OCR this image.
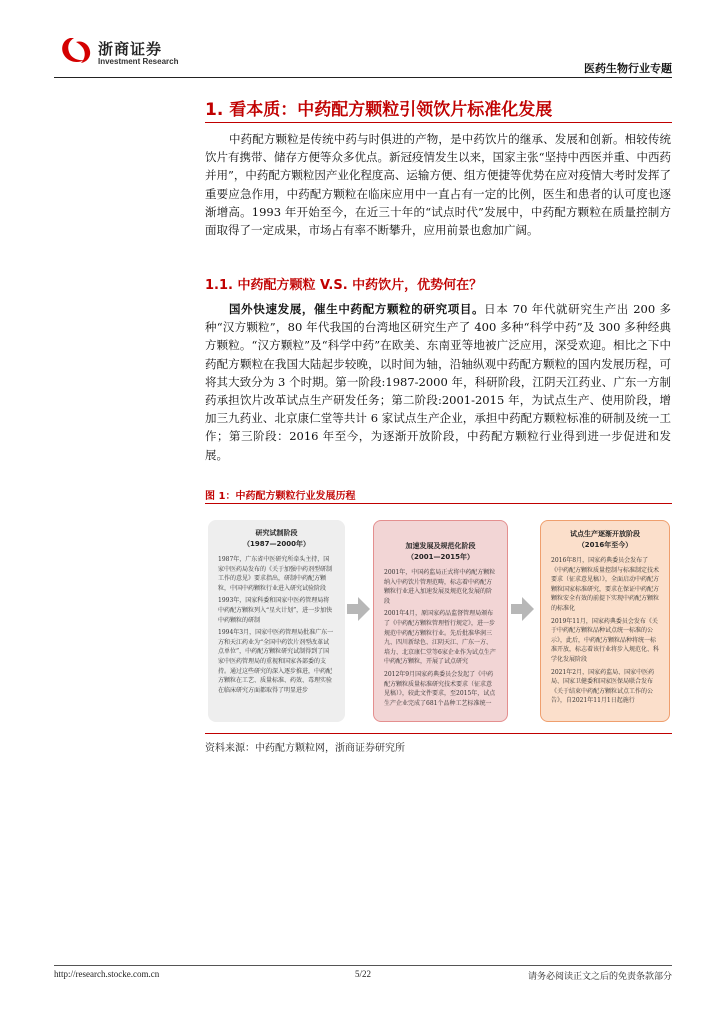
浙商证券
Investment Research
医药生物行业专题
1. 看本质：中药配方颗粒引领饮片标准化发展
中药配方颗粒是传统中药与时俱进的产物，是中药饮片的继承、发展和创新。相较传统饮片有携带、储存方便等众多优点。新冠疫情发生以来，国家主张“坚持中西医并重、中西药并用”，中药配方颗粒因产业化程度高、运输方便、组方便捷等优势在应对疫情大考时发挥了重要应急作用，中药配方颗粒在临床应用中一直占有一定的比例，医生和患者的认可度也逐渐增高。1993 年开始至今，在近三十年的“试点时代”发展中，中药配方颗粒在质量控制方面取得了一定成果，市场占有率不断攀升，应用前景也愈加广阔。
1.1. 中药配方颗粒 V.S. 中药饮片，优势何在？
国外快速发展，催生中药配方颗粒的研究项目。日本 70 年代就研究生产出 200 多种“汉方颗粒”，80 年代我国的台湾地区研究生产了 400 多种“科学中药”及 300 多种经典方颗粒。“汉方颗粒”及“科学中药”在欧美、东南亚等地被广泛应用，深受欢迎。相比之下中药配方颗粒在我国大陆起步较晚，以时间为轴，沿轴纵观中药配方颗粒的国内发展历程，可将其大致分为 3 个时期。第一阶段:1987-2000 年，科研阶段，江阴天江药业、广东一方制药承担饮片改革试点生产研发任务；第二阶段:2001-2015 年，为试点生产、使用阶段，增加三九药业、北京康仁堂等共计 6 家试点生产企业，承担中药配方颗粒标准的研制及统一工作；第三阶段：2016 年至今，为逐渐开放阶段，中药配方颗粒行业得到进一步促进和发展。
图 1：中药配方颗粒行业发展历程
研究试制阶段
（1987—2000年）

1987年，广东省中医研究所牵头主持，国家中医药局发布的《关于加强中药剂型研制工作的意见》要求指出，研制中药配方颗粒，中国中药颗粒行业进入研究试验阶段

1993年，国家科委和国家中医药管理局将中药配方颗粒列入“星火计划”，进一步加快中药颗粒的研制

1994年3月，国家中医药管理局批准广东一方和天江药业为“全国中药饮片剂型改革试点单位”，中药配方颗粒研究试制得到了国家中医药管理局的重视和国家各部委的支持。通过这些研究的深入逐步推进，中药配方颗粒在工艺、质量标准、药效、毒理实验在临床研究方面都取得了明显进步

加速发展及规范化阶段
（2001—2015年）

2001年，中国药监局正式将中药配方颗粒纳入中药饮片管理范畴，标志着中药配方颗粒行业进入加速发展及规范化发展的阶段

2001年4月，原国家药品监督管理局颁布了《中药配方颗粒管理暂行规定》，进一步规范中药配方颗粒行业。先后批准华润三九、四川新绿色、江阴天江、广东一方、培力、北京康仁堂等6家企业作为试点生产中药配方颗粒，开展了试点研究

2012年9月国家药典委员会发起了《中药配方颗粒质量标准研究技术要求（征求意见稿）》，较此文件要求，至2015年，试点生产企业完成了681个品种工艺标准统一

试点生产逐渐开放阶段
（2016年至今）

2016年8月，国家药典委员会发布了《中药配方颗粒质量控制与标准制定技术要求（征求意见稿）》，全面启动中药配方颗粒国家标准研究，要求在保证中药配方颗粒安全有效的前提下实现中药配方颗粒的标准化

2019年11月，国家药典委员会发布《关于中药配方颗粒品种试点统一标准的公示》，此后，中药配方颗粒品种将统一标准开放，标志着该行业将步入规范化、科学化发展阶段

2021年2月，国家药监局、国家中医药局、国家卫健委和国家医保局联合发布《关于结束中药配方颗粒试点工作的公告》，自2021年11月1日起施行

资料来源：中药配方颗粒网，浙商证券研究所
http://research.stocke.com.cn	5/22	请务必阅读正文之后的免责条款部分
